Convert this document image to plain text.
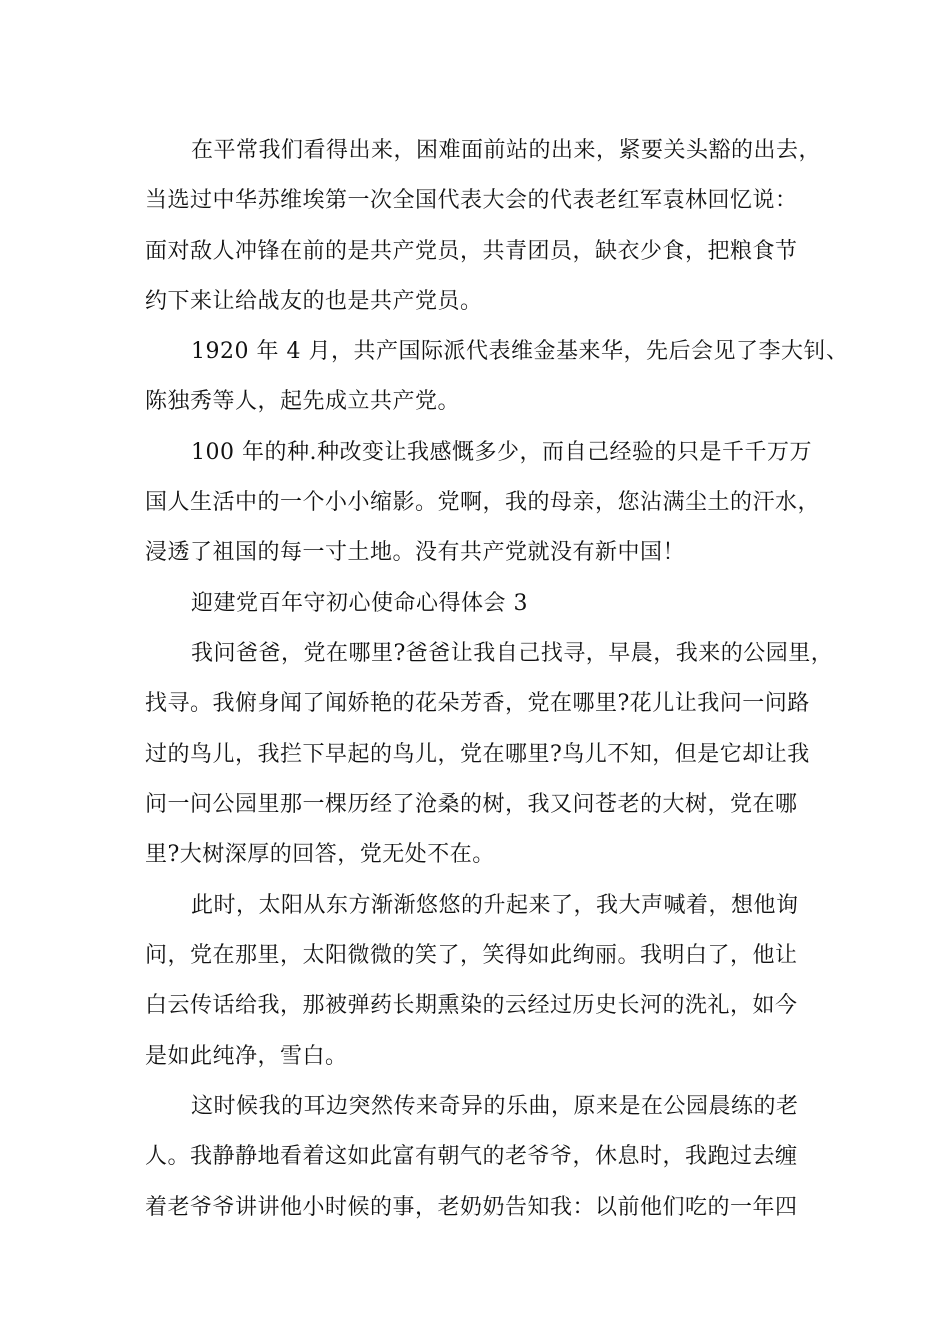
在平常我们看得出来，困难面前站的出来，紧要关头豁的出去，
当选过中华苏维埃第一次全国代表大会的代表老红军袁林回忆说：
面对敌人冲锋在前的是共产党员，共青团员，缺衣少食，把粮食节
约下来让给战友的也是共产党员。
1920 年 4 月，共产国际派代表维金基来华，先后会见了李大钊、
陈独秀等人，起先成立共产党。
100 年的种.种改变让我感慨多少，而自己经验的只是千千万万
国人生活中的一个小小缩影。党啊，我的母亲，您沾满尘土的汗水，
浸透了祖国的每一寸土地。没有共产党就没有新中国！
迎建党百年守初心使命心得体会 3
我问爸爸，党在哪里?爸爸让我自己找寻，早晨，我来的公园里，
找寻。我俯身闻了闻娇艳的花朵芳香，党在哪里?花儿让我问一问路
过的鸟儿，我拦下早起的鸟儿，党在哪里?鸟儿不知，但是它却让我
问一问公园里那一棵历经了沧桑的树，我又问苍老的大树，党在哪
里?大树深厚的回答，党无处不在。
此时，太阳从东方渐渐悠悠的升起来了，我大声喊着，想他询
问，党在那里，太阳微微的笑了，笑得如此绚丽。我明白了，他让
白云传话给我，那被弹药长期熏染的云经过历史长河的洗礼，如今
是如此纯净，雪白。
这时候我的耳边突然传来奇异的乐曲，原来是在公园晨练的老
人。我静静地看着这如此富有朝气的老爷爷，休息时，我跑过去缠
着老爷爷讲讲他小时候的事，老奶奶告知我：以前他们吃的一年四
